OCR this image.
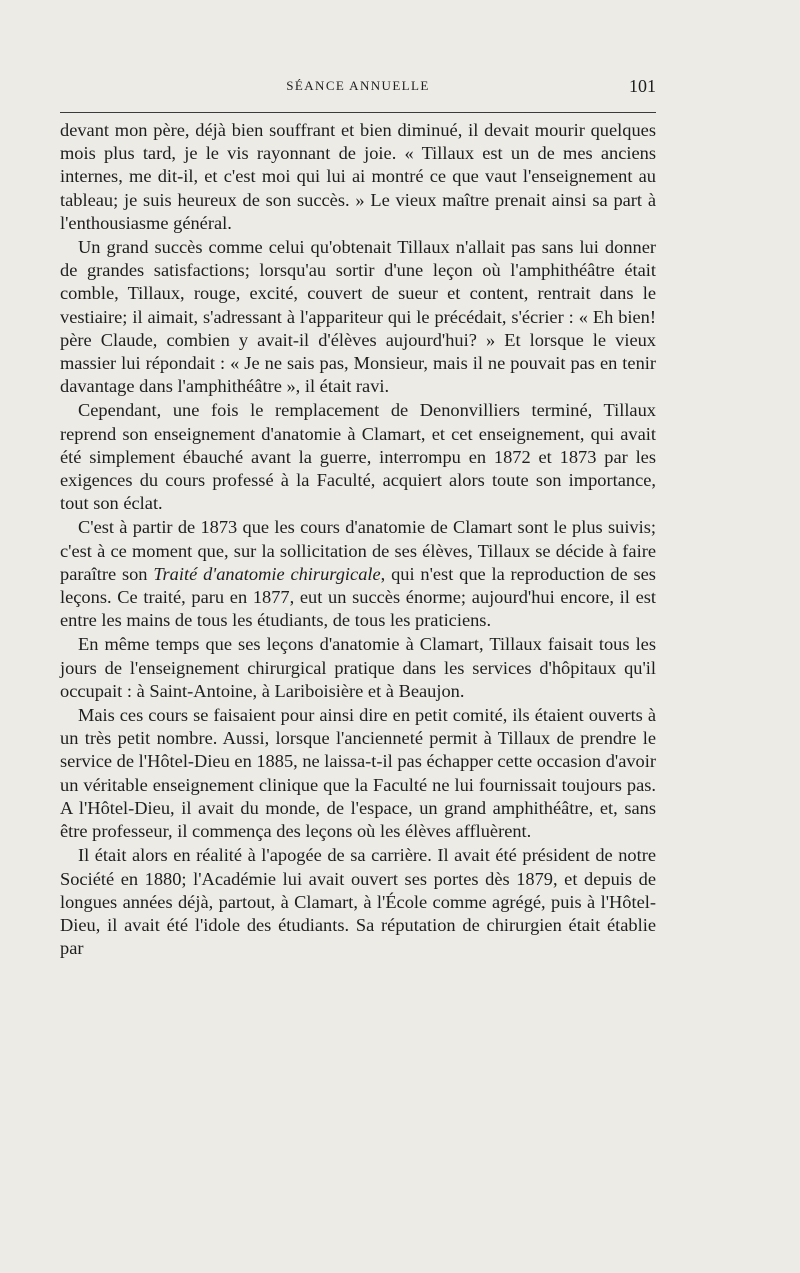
SÉANCE ANNUELLE	101

devant mon père, déjà bien souffrant et bien diminué, il devait mourir quelques mois plus tard, je le vis rayonnant de joie. « Tillaux est un de mes anciens internes, me dit-il, et c'est moi qui lui ai montré ce que vaut l'enseignement au tableau; je suis heureux de son succès. » Le vieux maître prenait ainsi sa part à l'enthousiasme général.

Un grand succès comme celui qu'obtenait Tillaux n'allait pas sans lui donner de grandes satisfactions; lorsqu'au sortir d'une leçon où l'amphithéâtre était comble, Tillaux, rouge, excité, couvert de sueur et content, rentrait dans le vestiaire; il aimait, s'adressant à l'appariteur qui le précédait, s'écrier : « Eh bien! père Claude, combien y avait-il d'élèves aujourd'hui? » Et lorsque le vieux massier lui répondait : « Je ne sais pas, Monsieur, mais il ne pouvait pas en tenir davantage dans l'amphithéâtre », il était ravi.

Cependant, une fois le remplacement de Denonvilliers terminé, Tillaux reprend son enseignement d'anatomie à Clamart, et cet enseignement, qui avait été simplement ébauché avant la guerre, interrompu en 1872 et 1873 par les exigences du cours professé à la Faculté, acquiert alors toute son importance, tout son éclat.

C'est à partir de 1873 que les cours d'anatomie de Clamart sont le plus suivis; c'est à ce moment que, sur la sollicitation de ses élèves, Tillaux se décide à faire paraître son Traité d'anatomie chirurgicale, qui n'est que la reproduction de ses leçons. Ce traité, paru en 1877, eut un succès énorme; aujourd'hui encore, il est entre les mains de tous les étudiants, de tous les praticiens.

En même temps que ses leçons d'anatomie à Clamart, Tillaux faisait tous les jours de l'enseignement chirurgical pratique dans les services d'hôpitaux qu'il occupait : à Saint-Antoine, à Lariboisière et à Beaujon.

Mais ces cours se faisaient pour ainsi dire en petit comité, ils étaient ouverts à un très petit nombre. Aussi, lorsque l'ancienneté permit à Tillaux de prendre le service de l'Hôtel-Dieu en 1885, ne laissa-t-il pas échapper cette occasion d'avoir un véritable enseignement clinique que la Faculté ne lui fournissait toujours pas. A l'Hôtel-Dieu, il avait du monde, de l'espace, un grand amphithéâtre, et, sans être professeur, il commença des leçons où les élèves affluèrent.

Il était alors en réalité à l'apogée de sa carrière. Il avait été président de notre Société en 1880; l'Académie lui avait ouvert ses portes dès 1879, et depuis de longues années déjà, partout, à Clamart, à l'École comme agrégé, puis à l'Hôtel-Dieu, il avait été l'idole des étudiants. Sa réputation de chirurgien était établie par
